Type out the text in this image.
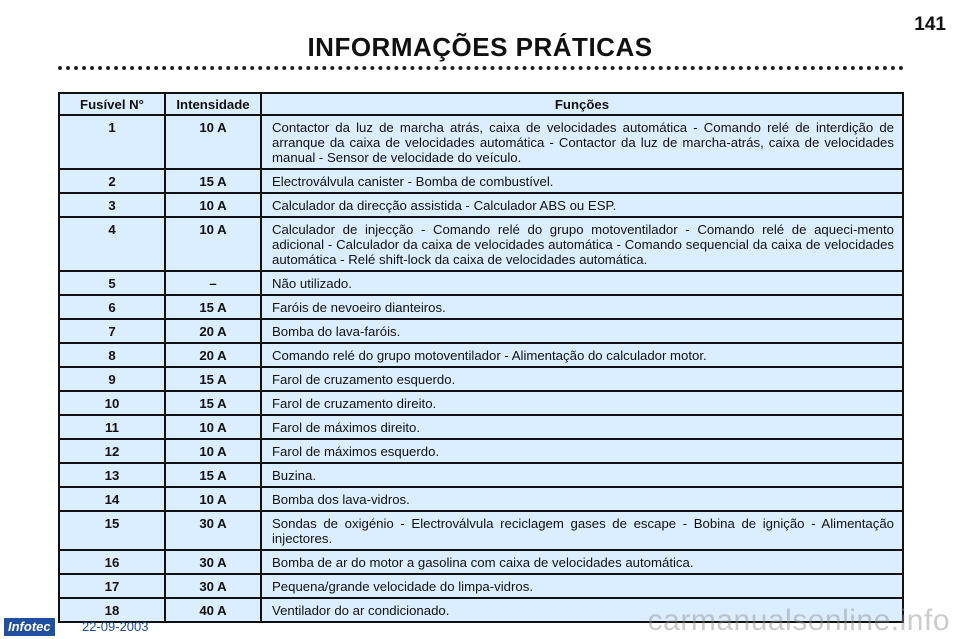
141
INFORMAÇÕES PRÁTICAS
Fusível N°	Intensidade	Funções
1	10 A	Contactor da luz de marcha atrás, caixa de velocidades automática - Comando relé de interdição de arranque da caixa de velocidades automática - Contactor da luz de marcha-atrás, caixa de velocidades manual - Sensor de velocidade do veículo.
2	15 A	Electroválvula canister - Bomba de combustível.
3	10 A	Calculador da direcção assistida - Calculador ABS ou ESP.
4	10 A	Calculador de injecção - Comando relé do grupo motoventilador - Comando relé de aqueci-mento adicional - Calculador da caixa de velocidades automática - Comando sequencial da caixa de velocidades automática - Relé shift-lock da caixa de velocidades automática.
5	–	Não utilizado.
6	15 A	Faróis de nevoeiro dianteiros.
7	20 A	Bomba do lava-faróis.
8	20 A	Comando relé do grupo motoventilador - Alimentação do calculador motor.
9	15 A	Farol de cruzamento esquerdo.
10	15 A	Farol de cruzamento direito.
11	10 A	Farol de máximos direito.
12	10 A	Farol de máximos esquerdo.
13	15 A	Buzina.
14	10 A	Bomba dos lava-vidros.
15	30 A	Sondas de oxigénio - Electroválvula reciclagem gases de escape - Bobina de ignição - Alimentação injectores.
16	30 A	Bomba de ar do motor a gasolina com caixa de velocidades automática.
17	30 A	Pequena/grande velocidade do limpa-vidros.
18	40 A	Ventilador do ar condicionado.
Infotec	22-09-2003	carmanualsonline.info
